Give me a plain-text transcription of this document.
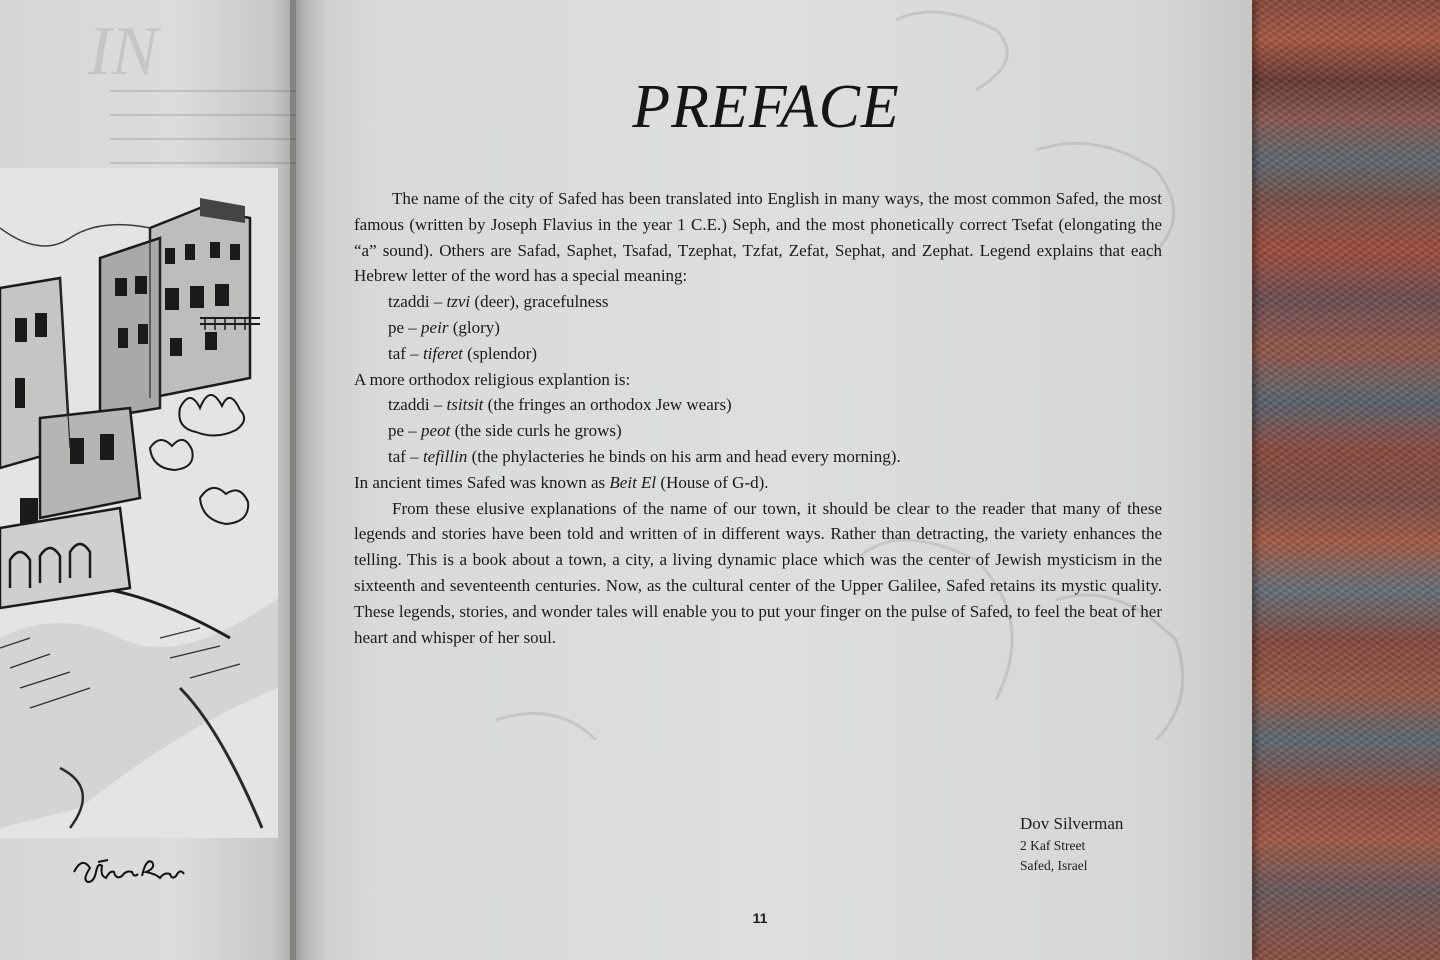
IN
PREFACE

The name of the city of Safed has been translated into English in many ways, the most common Safed, the most famous (written by Joseph Flavius in the year 1 C.E.) Seph, and the most phonetically correct Tsefat (elongating the “a” sound). Others are Safad, Saphet, Tsafad, Tzephat, Tzfat, Zefat, Sephat, and Zephat. Legend explains that each Hebrew letter of the word has a special meaning:

tzaddi – tzvi (deer), gracefulness
pe – peir (glory)
taf – tiferet (splendor)
A more orthodox religious explantion is:
tzaddi – tsitsit (the fringes an orthodox Jew wears)
pe – peot (the side curls he grows)
taf – tefillin (the phylacteries he binds on his arm and head every morning).
In ancient times Safed was known as Beit El (House of G-d).

From these elusive explanations of the name of our town, it should be clear to the reader that many of these legends and stories have been told and written of in different ways. Rather than detracting, the variety enhances the telling. This is a book about a town, a city, a living dynamic place which was the center of Jewish mysticism in the sixteenth and seventeenth centuries. Now, as the cultural center of the Upper Galilee, Safed retains its mystic quality. These legends, stories, and wonder tales will enable you to put your finger on the pulse of Safed, to feel the beat of her heart and whisper of her soul.

Dov Silverman
2 Kaf Street
Safed, Israel
11
